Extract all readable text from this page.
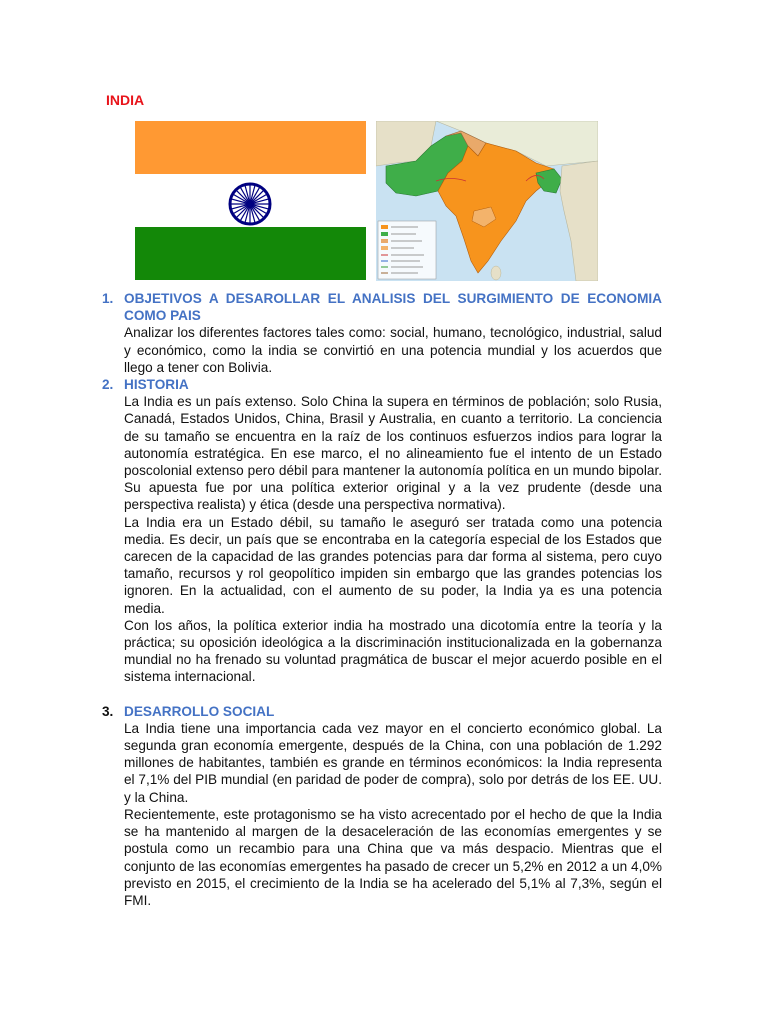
INDIA
1. OBJETIVOS A DESAROLLAR EL ANALISIS DEL SURGIMIENTO DE ECONOMIA COMO PAIS

Analizar los diferentes factores tales como: social, humano, tecnológico, industrial, salud y económico, como la india se convirtió en una potencia mundial y los acuerdos que llego a tener con Bolivia.

2. HISTORIA

La India es un país extenso. Solo China la supera en términos de población; solo Rusia, Canadá, Estados Unidos, China, Brasil y Australia, en cuanto a territorio. La conciencia de su tamaño se encuentra en la raíz de los continuos esfuerzos indios para lograr la autonomía estratégica. En ese marco, el no alineamiento fue el intento de un Estado poscolonial extenso pero débil para mantener la autonomía política en un mundo bipolar. Su apuesta fue por una política exterior original y a la vez prudente (desde una perspectiva realista) y ética (desde una perspectiva normativa).

La India era un Estado débil, su tamaño le aseguró ser tratada como una potencia media. Es decir, un país que se encontraba en la categoría especial de los Estados que carecen de la capacidad de las grandes potencias para dar forma al sistema, pero cuyo tamaño, recursos y rol geopolítico impiden sin embargo que las grandes potencias los ignoren. En la actualidad, con el aumento de su poder, la India ya es una potencia media.

Con los años, la política exterior india ha mostrado una dicotomía entre la teoría y la práctica; su oposición ideológica a la discriminación institucionalizada en la gobernanza mundial no ha frenado su voluntad pragmática de buscar el mejor acuerdo posible en el sistema internacional.

3. DESARROLLO SOCIAL

La India tiene una importancia cada vez mayor en el concierto económico global. La segunda gran economía emergente, después de la China, con una población de 1.292 millones de habitantes, también es grande en términos económicos: la India representa el 7,1% del PIB mundial (en paridad de poder de compra), solo por detrás de los EE. UU. y la China.

Recientemente, este protagonismo se ha visto acrecentado por el hecho de que la India se ha mantenido al margen de la desaceleración de las economías emergentes y se postula como un recambio para una China que va más despacio. Mientras que el conjunto de las economías emergentes ha pasado de crecer un 5,2% en 2012 a un 4,0% previsto en 2015, el crecimiento de la India se ha acelerado del 5,1% al 7,3%, según el FMI.
